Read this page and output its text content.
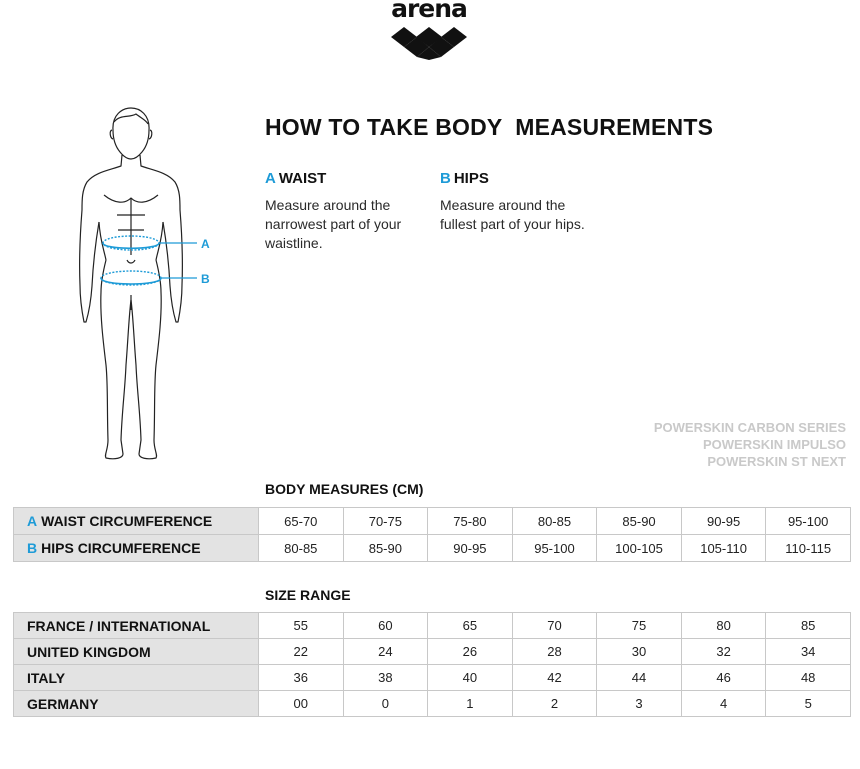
arena
A
B
HOW TO TAKE BODY  MEASUREMENTS
A WAIST
Measure around the narrowest part of your waistline.
B HIPS
Measure around the fullest part of your hips.
POWERSKIN CARBON SERIES
POWERSKIN IMPULSO
POWERSKIN ST NEXT
BODY MEASURES (CM)
A WAIST CIRCUMFERENCE	65-70	70-75	75-80	80-85	85-90	90-95	95-100
B HIPS CIRCUMFERENCE	80-85	85-90	90-95	95-100	100-105	105-110	110-115
SIZE RANGE
FRANCE / INTERNATIONAL	55	60	65	70	75	80	85
UNITED KINGDOM	22	24	26	28	30	32	34
ITALY	36	38	40	42	44	46	48
GERMANY	00	0	1	2	3	4	5
